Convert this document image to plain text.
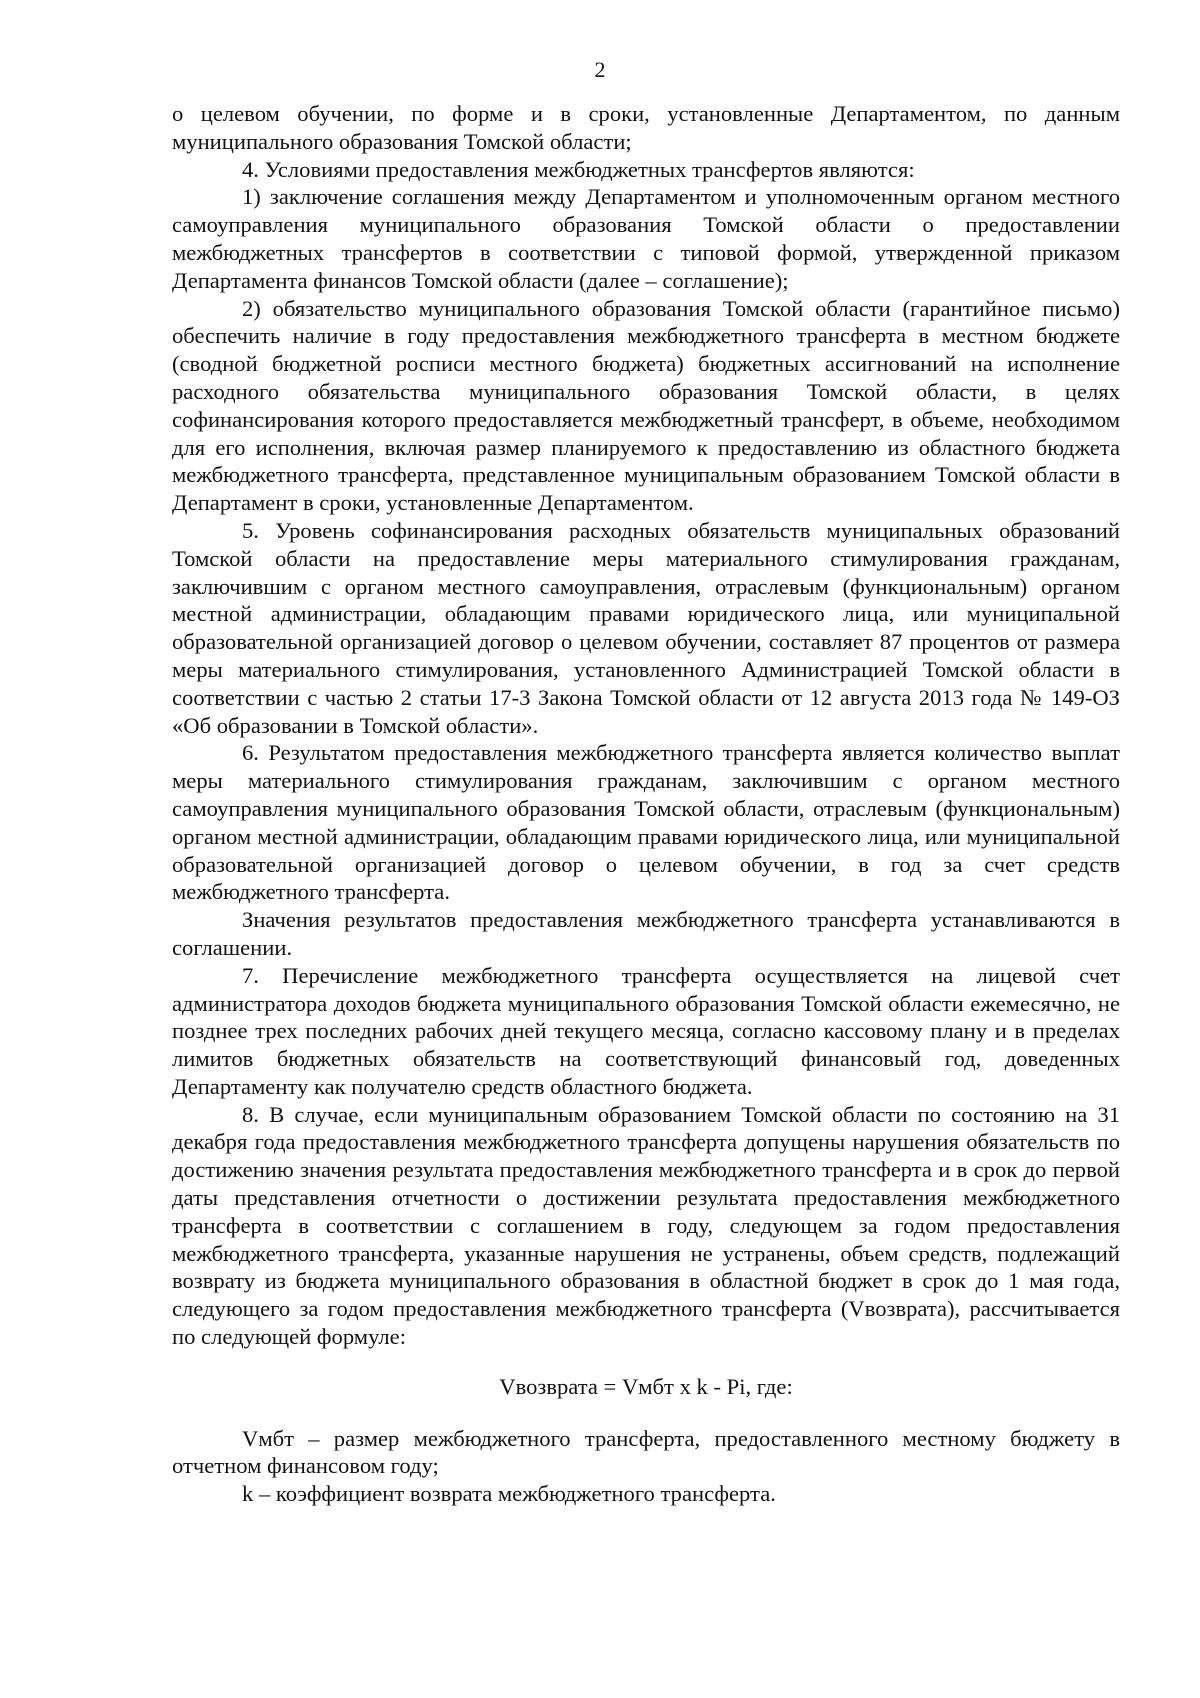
2

о целевом обучении, по форме и в сроки, установленные Департаментом, по данным муниципального образования Томской области;

4. Условиями предоставления межбюджетных трансфертов являются:

1) заключение соглашения между Департаментом и уполномоченным органом местного самоуправления муниципального образования Томской области о предоставлении межбюджетных трансфертов в соответствии с типовой формой, утвержденной приказом Департамента финансов Томской области (далее – соглашение);

2) обязательство муниципального образования Томской области (гарантийное письмо) обеспечить наличие в году предоставления межбюджетного трансферта в местном бюджете (сводной бюджетной росписи местного бюджета) бюджетных ассигнований на исполнение расходного обязательства муниципального образования Томской области, в целях софинансирования которого предоставляется межбюджетный трансферт, в объеме, необходимом для его исполнения, включая размер планируемого к предоставлению из областного бюджета межбюджетного трансферта, представленное муниципальным образованием Томской области в Департамент в сроки, установленные Департаментом.

5. Уровень софинансирования расходных обязательств муниципальных образований Томской области на предоставление меры материального стимулирования гражданам, заключившим с органом местного самоуправления, отраслевым (функциональным) органом местной администрации, обладающим правами юридического лица, или муниципальной образовательной организацией договор о целевом обучении, составляет 87 процентов от размера меры материального стимулирования, установленного Администрацией Томской области в соответствии с частью 2 статьи 17-3 Закона Томской области от 12 августа 2013 года № 149-ОЗ «Об образовании в Томской области».

6. Результатом предоставления межбюджетного трансферта является количество выплат меры материального стимулирования гражданам, заключившим с органом местного самоуправления муниципального образования Томской области, отраслевым (функциональным) органом местной администрации, обладающим правами юридического лица, или муниципальной образовательной организацией договор о целевом обучении, в год за счет средств межбюджетного трансферта.

Значения результатов предоставления межбюджетного трансферта устанавливаются в соглашении.

7. Перечисление межбюджетного трансферта осуществляется на лицевой счет администратора доходов бюджета муниципального образования Томской области ежемесячно, не позднее трех последних рабочих дней текущего месяца, согласно кассовому плану и в пределах лимитов бюджетных обязательств на соответствующий финансовый год, доведенных Департаменту как получателю средств областного бюджета.

8. В случае, если муниципальным образованием Томской области по состоянию на 31 декабря года предоставления межбюджетного трансферта допущены нарушения обязательств по достижению значения результата предоставления межбюджетного трансферта и в срок до первой даты представления отчетности о достижении результата предоставления межбюджетного трансферта в соответствии с соглашением в году, следующем за годом предоставления межбюджетного трансферта, указанные нарушения не устранены, объем средств, подлежащий возврату из бюджета муниципального образования в областной бюджет в срок до 1 мая года, следующего за годом предоставления межбюджетного трансферта (Vвозврата), рассчитывается по следующей формуле:

Vвозврата = Vмбт x k - Pi, где:

Vмбт – размер межбюджетного трансферта, предоставленного местному бюджету в отчетном финансовом году;

k – коэффициент возврата межбюджетного трансферта.
